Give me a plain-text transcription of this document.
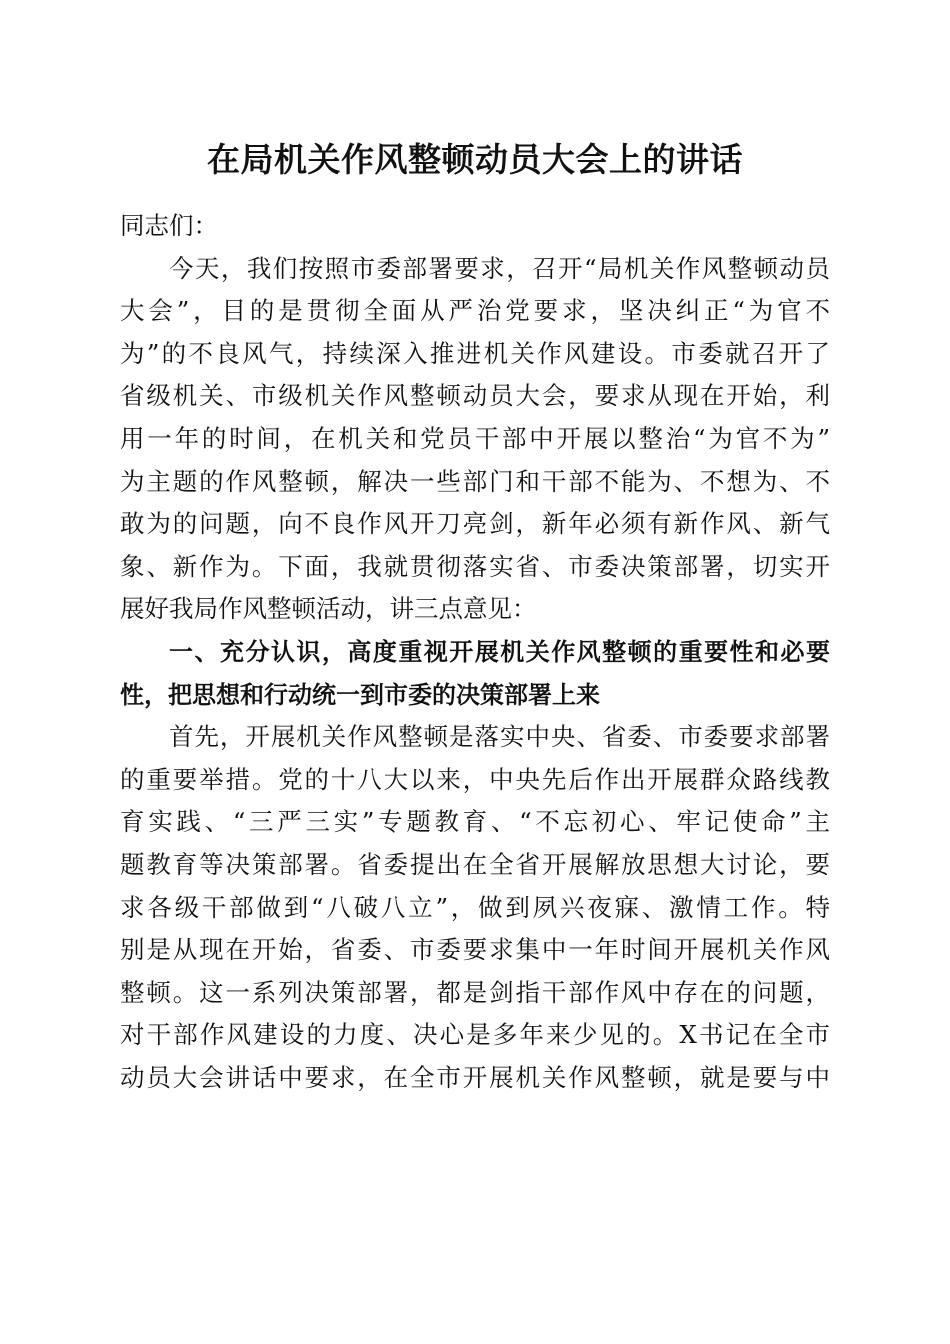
在局机关作风整顿动员大会上的讲话
同志们：
今天，我们按照市委部署要求，召开“局机关作风整顿动员
大会”，目的是贯彻全面从严治党要求，坚决纠正“为官不
为”的不良风气，持续深入推进机关作风建设。市委就召开了
省级机关、市级机关作风整顿动员大会，要求从现在开始，利
用一年的时间，在机关和党员干部中开展以整治“为官不为”
为主题的作风整顿，解决一些部门和干部不能为、不想为、不
敢为的问题，向不良作风开刀亮剑，新年必须有新作风、新气
象、新作为。下面，我就贯彻落实省、市委决策部署，切实开
展好我局作风整顿活动，讲三点意见：
一、充分认识，高度重视开展机关作风整顿的重要性和必要
性，把思想和行动统一到市委的决策部署上来
首先，开展机关作风整顿是落实中央、省委、市委要求部署
的重要举措。党的十八大以来，中央先后作出开展群众路线教
育实践、“三严三实”专题教育、“不忘初心、牢记使命”主
题教育等决策部署。省委提出在全省开展解放思想大讨论，要
求各级干部做到“八破八立”，做到夙兴夜寐、激情工作。特
别是从现在开始，省委、市委要求集中一年时间开展机关作风
整顿。这一系列决策部署，都是剑指干部作风中存在的问题，
对干部作风建设的力度、决心是多年来少见的。X书记在全市
动员大会讲话中要求，在全市开展机关作风整顿，就是要与中
